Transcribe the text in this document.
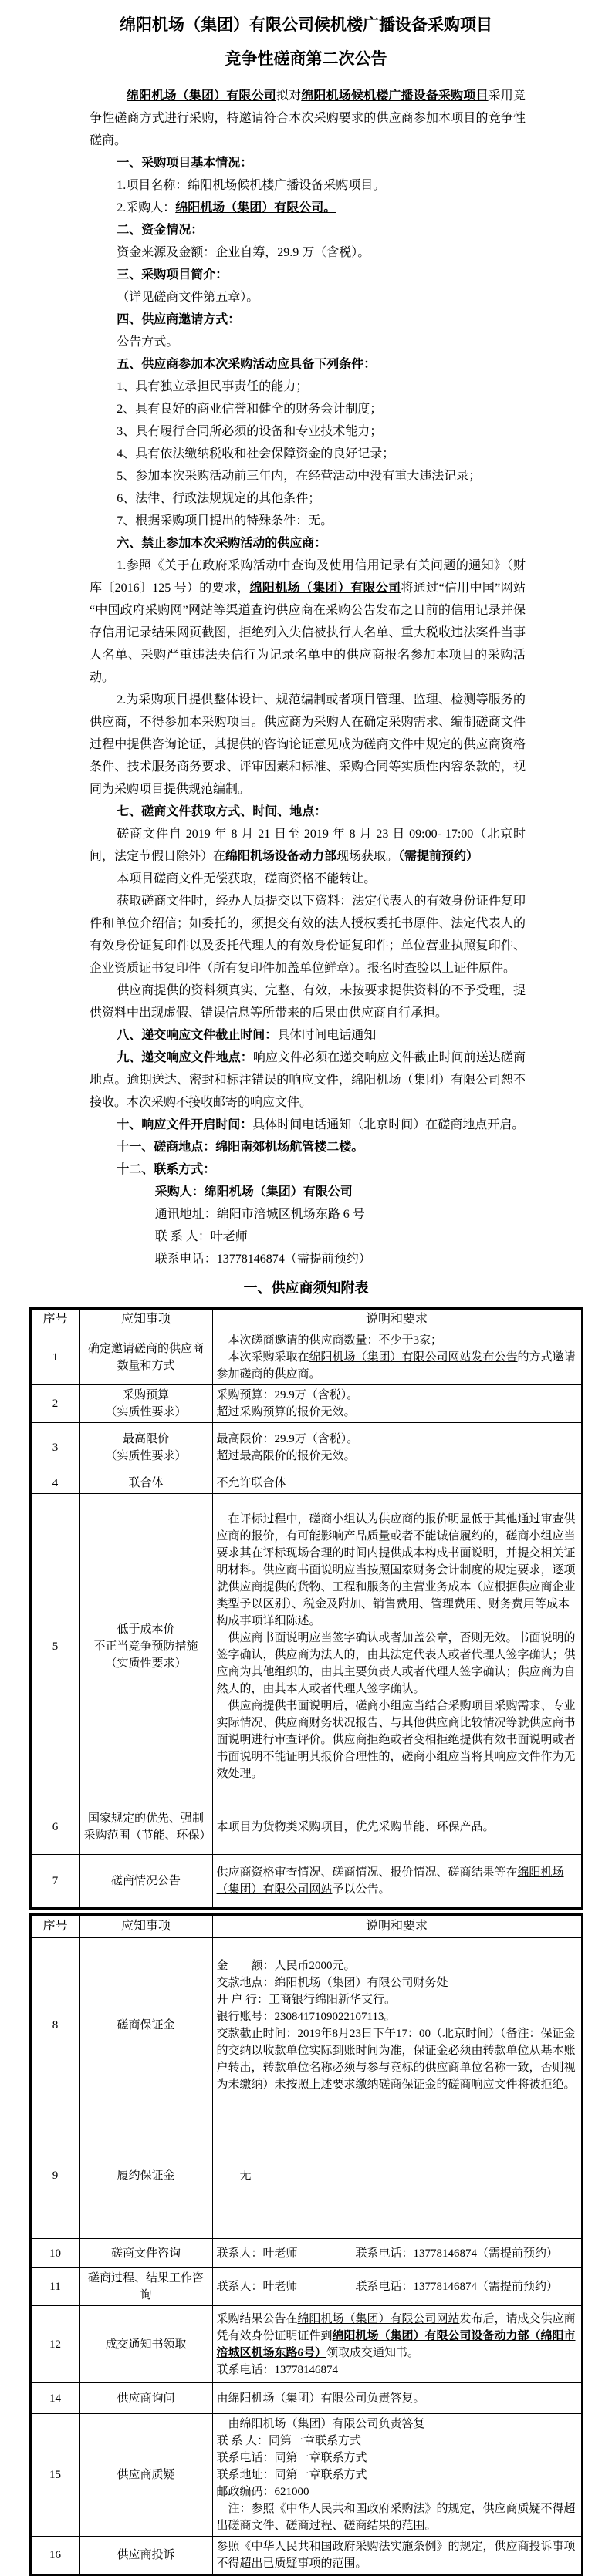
绵阳机场（集团）有限公司候机楼广播设备采购项目
竞争性磋商第二次公告

绵阳机场（集团）有限公司拟对绵阳机场候机楼广播设备采购项目采用竞争性磋商方式进行采购，特邀请符合本次采购要求的供应商参加本项目的竞争性磋商。

一、采购项目基本情况：

1.项目名称：绵阳机场候机楼广播设备采购项目。

2.采购人：绵阳机场（集团）有限公司。

二、资金情况：

资金来源及金额：企业自筹，29.9 万（含税）。

三、采购项目简介：

（详见磋商文件第五章）。

四、供应商邀请方式：

公告方式。

五、供应商参加本次采购活动应具备下列条件：

1、具有独立承担民事责任的能力；

2、具有良好的商业信誉和健全的财务会计制度；

3、具有履行合同所必须的设备和专业技术能力；

4、具有依法缴纳税收和社会保障资金的良好记录；

5、参加本次采购活动前三年内，在经营活动中没有重大违法记录；

6、法律、行政法规规定的其他条件；

7、根据采购项目提出的特殊条件：无。

六、禁止参加本次采购活动的供应商：

1.参照《关于在政府采购活动中查询及使用信用记录有关问题的通知》（财库〔2016〕125 号）的要求，绵阳机场（集团）有限公司将通过“信用中国”网站 “中国政府采购网”网站等渠道查询供应商在采购公告发布之日前的信用记录并保存信用记录结果网页截图，拒绝列入失信被执行人名单、重大税收违法案件当事人名单、采购严重违法失信行为记录名单中的供应商报名参加本项目的采购活动。

2.为采购项目提供整体设计、规范编制或者项目管理、监理、检测等服务的供应商，不得参加本采购项目。供应商为采购人在确定采购需求、编制磋商文件过程中提供咨询论证，其提供的咨询论证意见成为磋商文件中规定的供应商资格条件、技术服务商务要求、评审因素和标准、采购合同等实质性内容条款的，视同为采购项目提供规范编制。

七、磋商文件获取方式、时间、地点：

磋商文件自 2019 年 8 月 21 日至 2019 年 8 月 23 日 09:00- 17:00（北京时间，法定节假日除外）在绵阳机场设备动力部现场获取。（需提前预约）

本项目磋商文件无偿获取，磋商资格不能转让。

获取磋商文件时，经办人员提交以下资料：法定代表人的有效身份证件复印件和单位介绍信；如委托的，须提交有效的法人授权委托书原件、法定代表人的有效身份证复印件以及委托代理人的有效身份证复印件；单位营业执照复印件、企业资质证书复印件（所有复印件加盖单位鲜章）。报名时查验以上证件原件。

供应商提供的资料须真实、完整、有效，未按要求提供资料的不予受理，提供资料中出现虚假、错误信息等所带来的后果由供应商自行承担。

八、递交响应文件截止时间：具体时间电话通知

九、递交响应文件地点：响应文件必须在递交响应文件截止时间前送达磋商地点。逾期送达、密封和标注错误的响应文件，绵阳机场（集团）有限公司恕不接收。本次采购不接收邮寄的响应文件。

十、响应文件开启时间：具体时间电话通知（北京时间）在磋商地点开启。

十一、磋商地点：绵阳南郊机场航管楼二楼。

十二、联系方式：

采购人：绵阳机场（集团）有限公司

通讯地址：绵阳市涪城区机场东路 6 号

联 系 人：叶老师

联系电话：13778146874（需提前预约）

一、供应商须知附表
序号	应知事项	说明和要求
1	确定邀请磋商的供应商
数量和方式	　本次磋商邀请的供应商数量：不少于3家；
　本次采购采取在绵阳机场（集团）有限公司网站发布公告的方式邀请参加磋商的供应商。
2	采购预算
（实质性要求）	采购预算：29.9万（含税）。
超过采购预算的报价无效。
3	最高限价
（实质性要求）	最高限价：29.9万（含税）。
超过最高限价的报价无效。
4	联合体	不允许联合体
5	低于成本价
不正当竞争预防措施
（实质性要求）	　在评标过程中，磋商小组认为供应商的报价明显低于其他通过审查供应商的报价，有可能影响产品质量或者不能诚信履约的，磋商小组应当要求其在评标现场合理的时间内提供成本构成书面说明，并提交相关证明材料。供应商书面说明应当按照国家财务会计制度的规定要求，逐项就供应商提供的货物、工程和服务的主营业务成本（应根据供应商企业类型予以区别）、税金及附加、销售费用、管理费用、财务费用等成本构成事项详细陈述。
　供应商书面说明应当签字确认或者加盖公章，否则无效。书面说明的签字确认，供应商为法人的，由其法定代表人或者代理人签字确认；供应商为其他组织的，由其主要负责人或者代理人签字确认；供应商为自然人的，由其本人或者代理人签字确认。
　供应商提供书面说明后，磋商小组应当结合采购项目采购需求、专业实际情况、供应商财务状况报告、与其他供应商比较情况等就供应商书面说明进行审查评价。供应商拒绝或者变相拒绝提供有效书面说明或者书面说明不能证明其报价合理性的，磋商小组应当将其响应文件作为无效处理。
6	国家规定的优先、强制采购范围（节能、环保）	本项目为货物类采购项目，优先采购节能、环保产品。
7	磋商情况公告	供应商资格审查情况、磋商情况、报价情况、磋商结果等在绵阳机场（集团）有限公司网站予以公告。
序号	应知事项	说明和要求
8	磋商保证金	金　　额：人民币2000元。
交款地点：绵阳机场（集团）有限公司财务处
开 户 行：工商银行绵阳新华支行。
银行账号：2308417109022107113。
交款截止时间：2019年8月23日下午17：00（北京时间）（备注：保证金的交纳以收款单位实际到账时间为准，保证金必须由转款单位从基本账户转出，转款单位名称必须与参与竞标的供应商单位名称一致，否则视为未缴纳）未按照上述要求缴纳磋商保证金的磋商响应文件将被拒绝。
9	履约保证金	　　无
10	磋商文件咨询	联系人：叶老师　　　　　联系电话：13778146874（需提前预约）
11	磋商过程、结果工作咨询	联系人：叶老师　　　　　联系电话：13778146874（需提前预约）
12	成交通知书领取	采购结果公告在绵阳机场（集团）有限公司网站发布后，请成交供应商凭有效身份证明证件到绵阳机场（集团）有限公司设备动力部（绵阳市涪城区机场东路6号）领取成交通知书。
联系电话：13778146874
14	供应商询问	由绵阳机场（集团）有限公司负责答复。
15	供应商质疑	　由绵阳机场（集团）有限公司负责答复
联 系 人：同第一章联系方式
联系电话：同第一章联系方式
联系地址：同第一章联系方式
邮政编码：621000
　注：参照《中华人民共和国政府采购法》的规定，供应商质疑不得超出磋商文件、磋商过程、磋商结果的范围。
16	供应商投诉	参照《中华人民共和国政府采购法实施条例》的规定，供应商投诉事项不得超出已质疑事项的范围。
